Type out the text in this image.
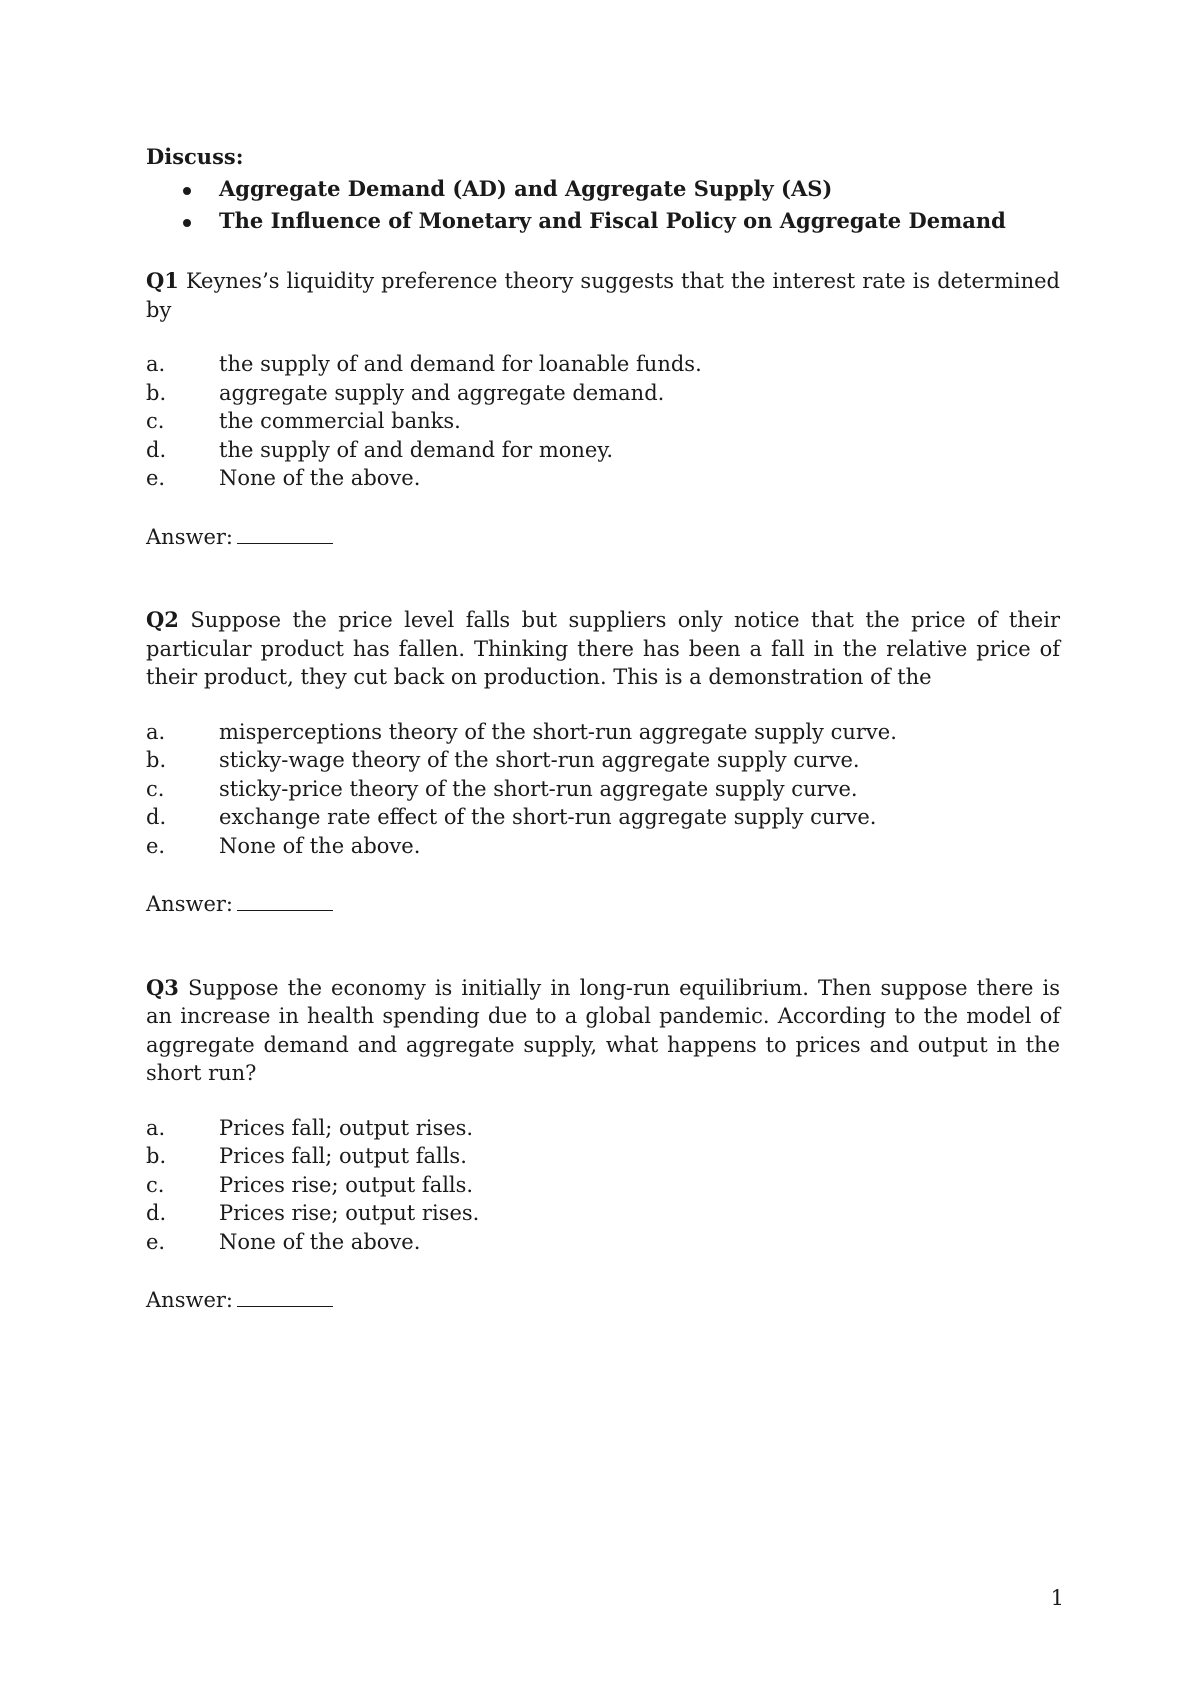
Discuss:

Aggregate Demand (AD) and Aggregate Supply (AS)
The Influence of Monetary and Fiscal Policy on Aggregate Demand

Q1 Keynes’s liquidity preference theory suggests that the interest rate is determined by

a.	the supply of and demand for loanable funds.
b.	aggregate supply and aggregate demand.
c.	the commercial banks.
d.	the supply of and demand for money.
e.	None of the above.
Answer:

Q2 Suppose the price level falls but suppliers only notice that the price of their particular product has fallen. Thinking there has been a fall in the relative price of their product, they cut back on production. This is a demonstration of the

a.	misperceptions theory of the short-run aggregate supply curve.
b.	sticky-wage theory of the short-run aggregate supply curve.
c.	sticky-price theory of the short-run aggregate supply curve.
d.	exchange rate effect of the short-run aggregate supply curve.
e.	None of the above.
Answer:

Q3 Suppose the economy is initially in long-run equilibrium. Then suppose there is an increase in health spending due to a global pandemic. According to the model of aggregate demand and aggregate supply, what happens to prices and output in the short run?

a.	Prices fall; output rises.
b.	Prices fall; output falls.
c.	Prices rise; output falls.
d.	Prices rise; output rises.
e.	None of the above.
Answer:
1
